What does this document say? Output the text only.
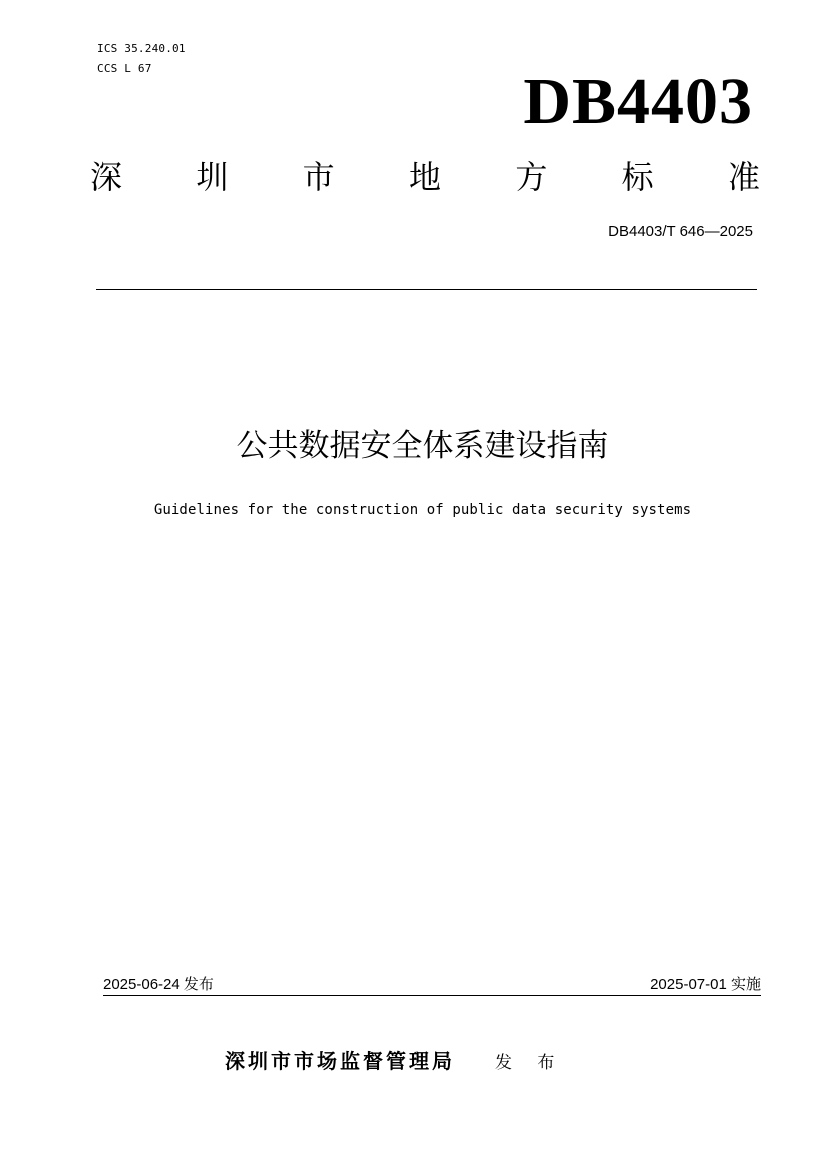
ICS 35.240.01
CCS L 67	DB4403
深 圳 市 地 方 标 准
DB4403/T 646—2025
公共数据安全体系建设指南
Guidelines for the construction of public data security systems
2025-06-24 发布	2025-07-01 实施
深圳市市场监督管理局 发 布
